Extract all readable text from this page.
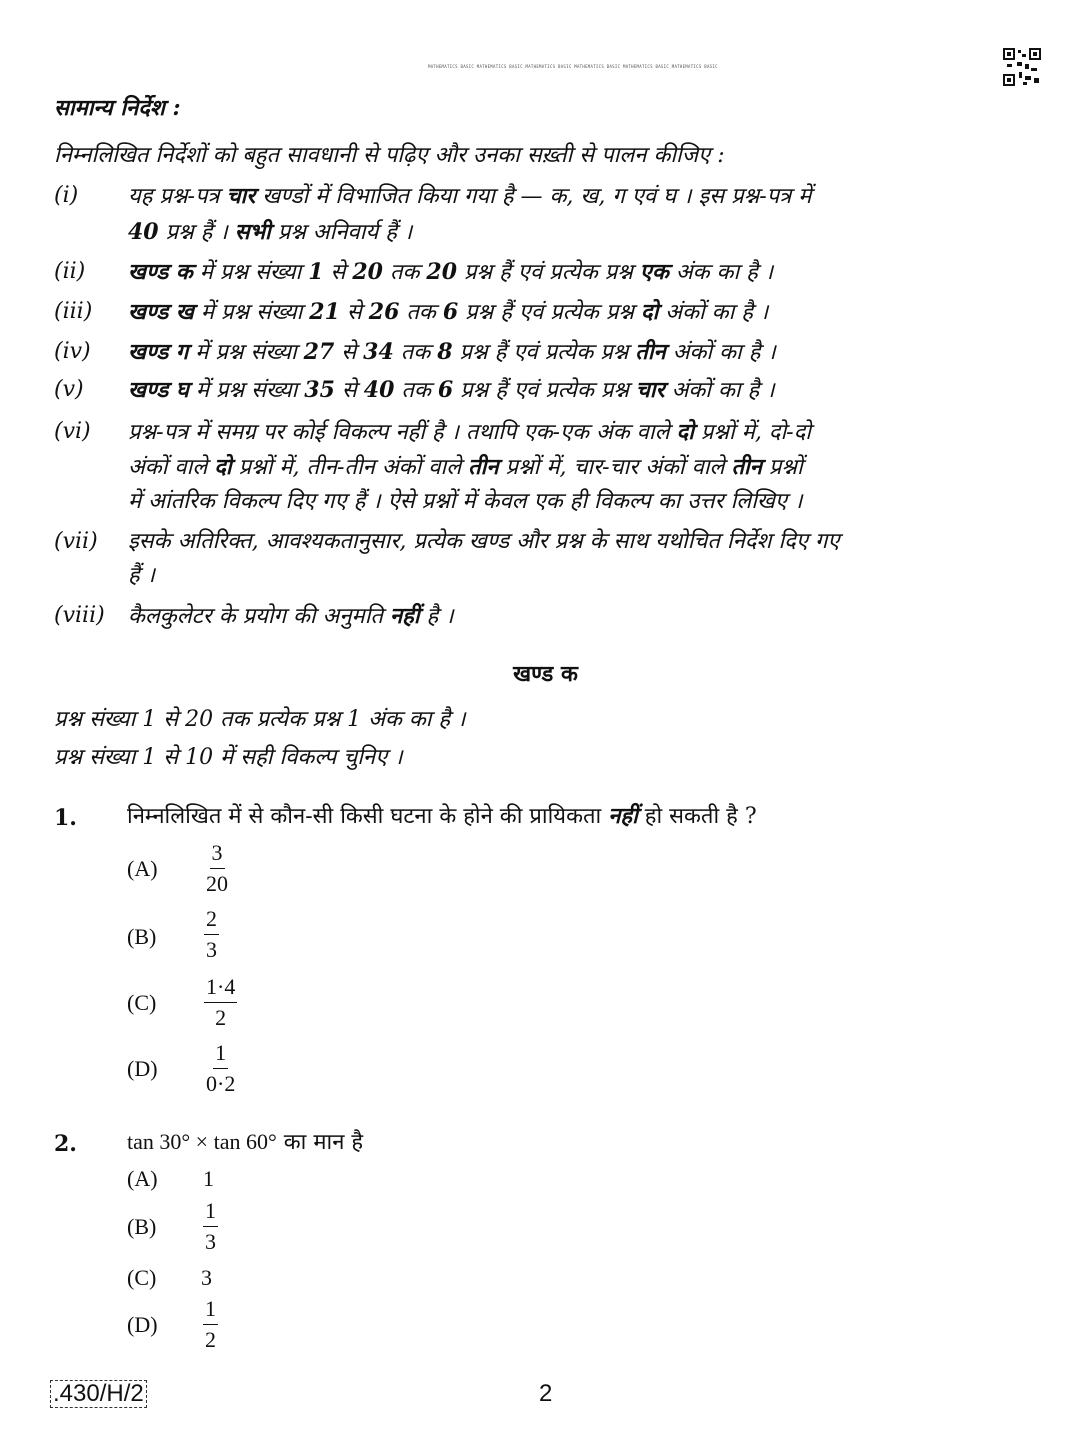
MATHEMATICS BASIC MATHEMATICS BASIC MATHEMATICS BASIC MATHEMATICS BASIC MATHEMATICS BASIC MATHEMATICS BASIC
सामान्य निर्देश :
निम्नलिखित निर्देशों को बहुत सावधानी से पढ़िए और उनका सख़्ती से पालन कीजिए :
(i) यह प्रश्न-पत्र चार खण्डों में विभाजित किया गया है — क, ख, ग एवं घ । इस प्रश्न-पत्र में
40 प्रश्न हैं । सभी प्रश्न अनिवार्य हैं ।
(ii) खण्ड क में प्रश्न संख्या 1 से 20 तक 20 प्रश्न हैं एवं प्रत्येक प्रश्न एक अंक का है ।
(iii) खण्ड ख में प्रश्न संख्या 21 से 26 तक 6 प्रश्न हैं एवं प्रत्येक प्रश्न दो अंकों का है ।
(iv) खण्ड ग में प्रश्न संख्या 27 से 34 तक 8 प्रश्न हैं एवं प्रत्येक प्रश्न तीन अंकों का है ।
(v) खण्ड घ में प्रश्न संख्या 35 से 40 तक 6 प्रश्न हैं एवं प्रत्येक प्रश्न चार अंकों का है ।
(vi) प्रश्न-पत्र में समग्र पर कोई विकल्प नहीं है । तथापि एक-एक अंक वाले दो प्रश्नों में, दो-दो
अंकों वाले दो प्रश्नों में, तीन-तीन अंकों वाले तीन प्रश्नों में, चार-चार अंकों वाले तीन प्रश्नों
में आंतरिक विकल्प दिए गए हैं । ऐसे प्रश्नों में केवल एक ही विकल्प का उत्तर लिखिए ।
(vii) इसके अतिरिक्त, आवश्यकतानुसार, प्रत्येक खण्ड और प्रश्न के साथ यथोचित निर्देश दिए गए
हैं ।
(viii) कैलकुलेटर के प्रयोग की अनुमति नहीं है ।
खण्ड क
प्रश्न संख्या 1 से 20 तक प्रत्येक प्रश्न 1 अंक का है ।
प्रश्न संख्या 1 से 10 में सही विकल्प चुनिए ।
1. निम्नलिखित में से कौन-सी किसी घटना के होने की प्रायिकता नहीं हो सकती है ?
$(A) \frac{3}{20}$
$(B) \frac{2}{3}$
$(C) \frac{1\cdot 4}{2}$
$(D) \frac{1}{0\cdot 2}$
2. tan 30° × tan 60° का मान है
(A) 1
$(B) \frac{1}{3}$
(C) 3
$(D) \frac{1}{2}$
.430/H/2	2
